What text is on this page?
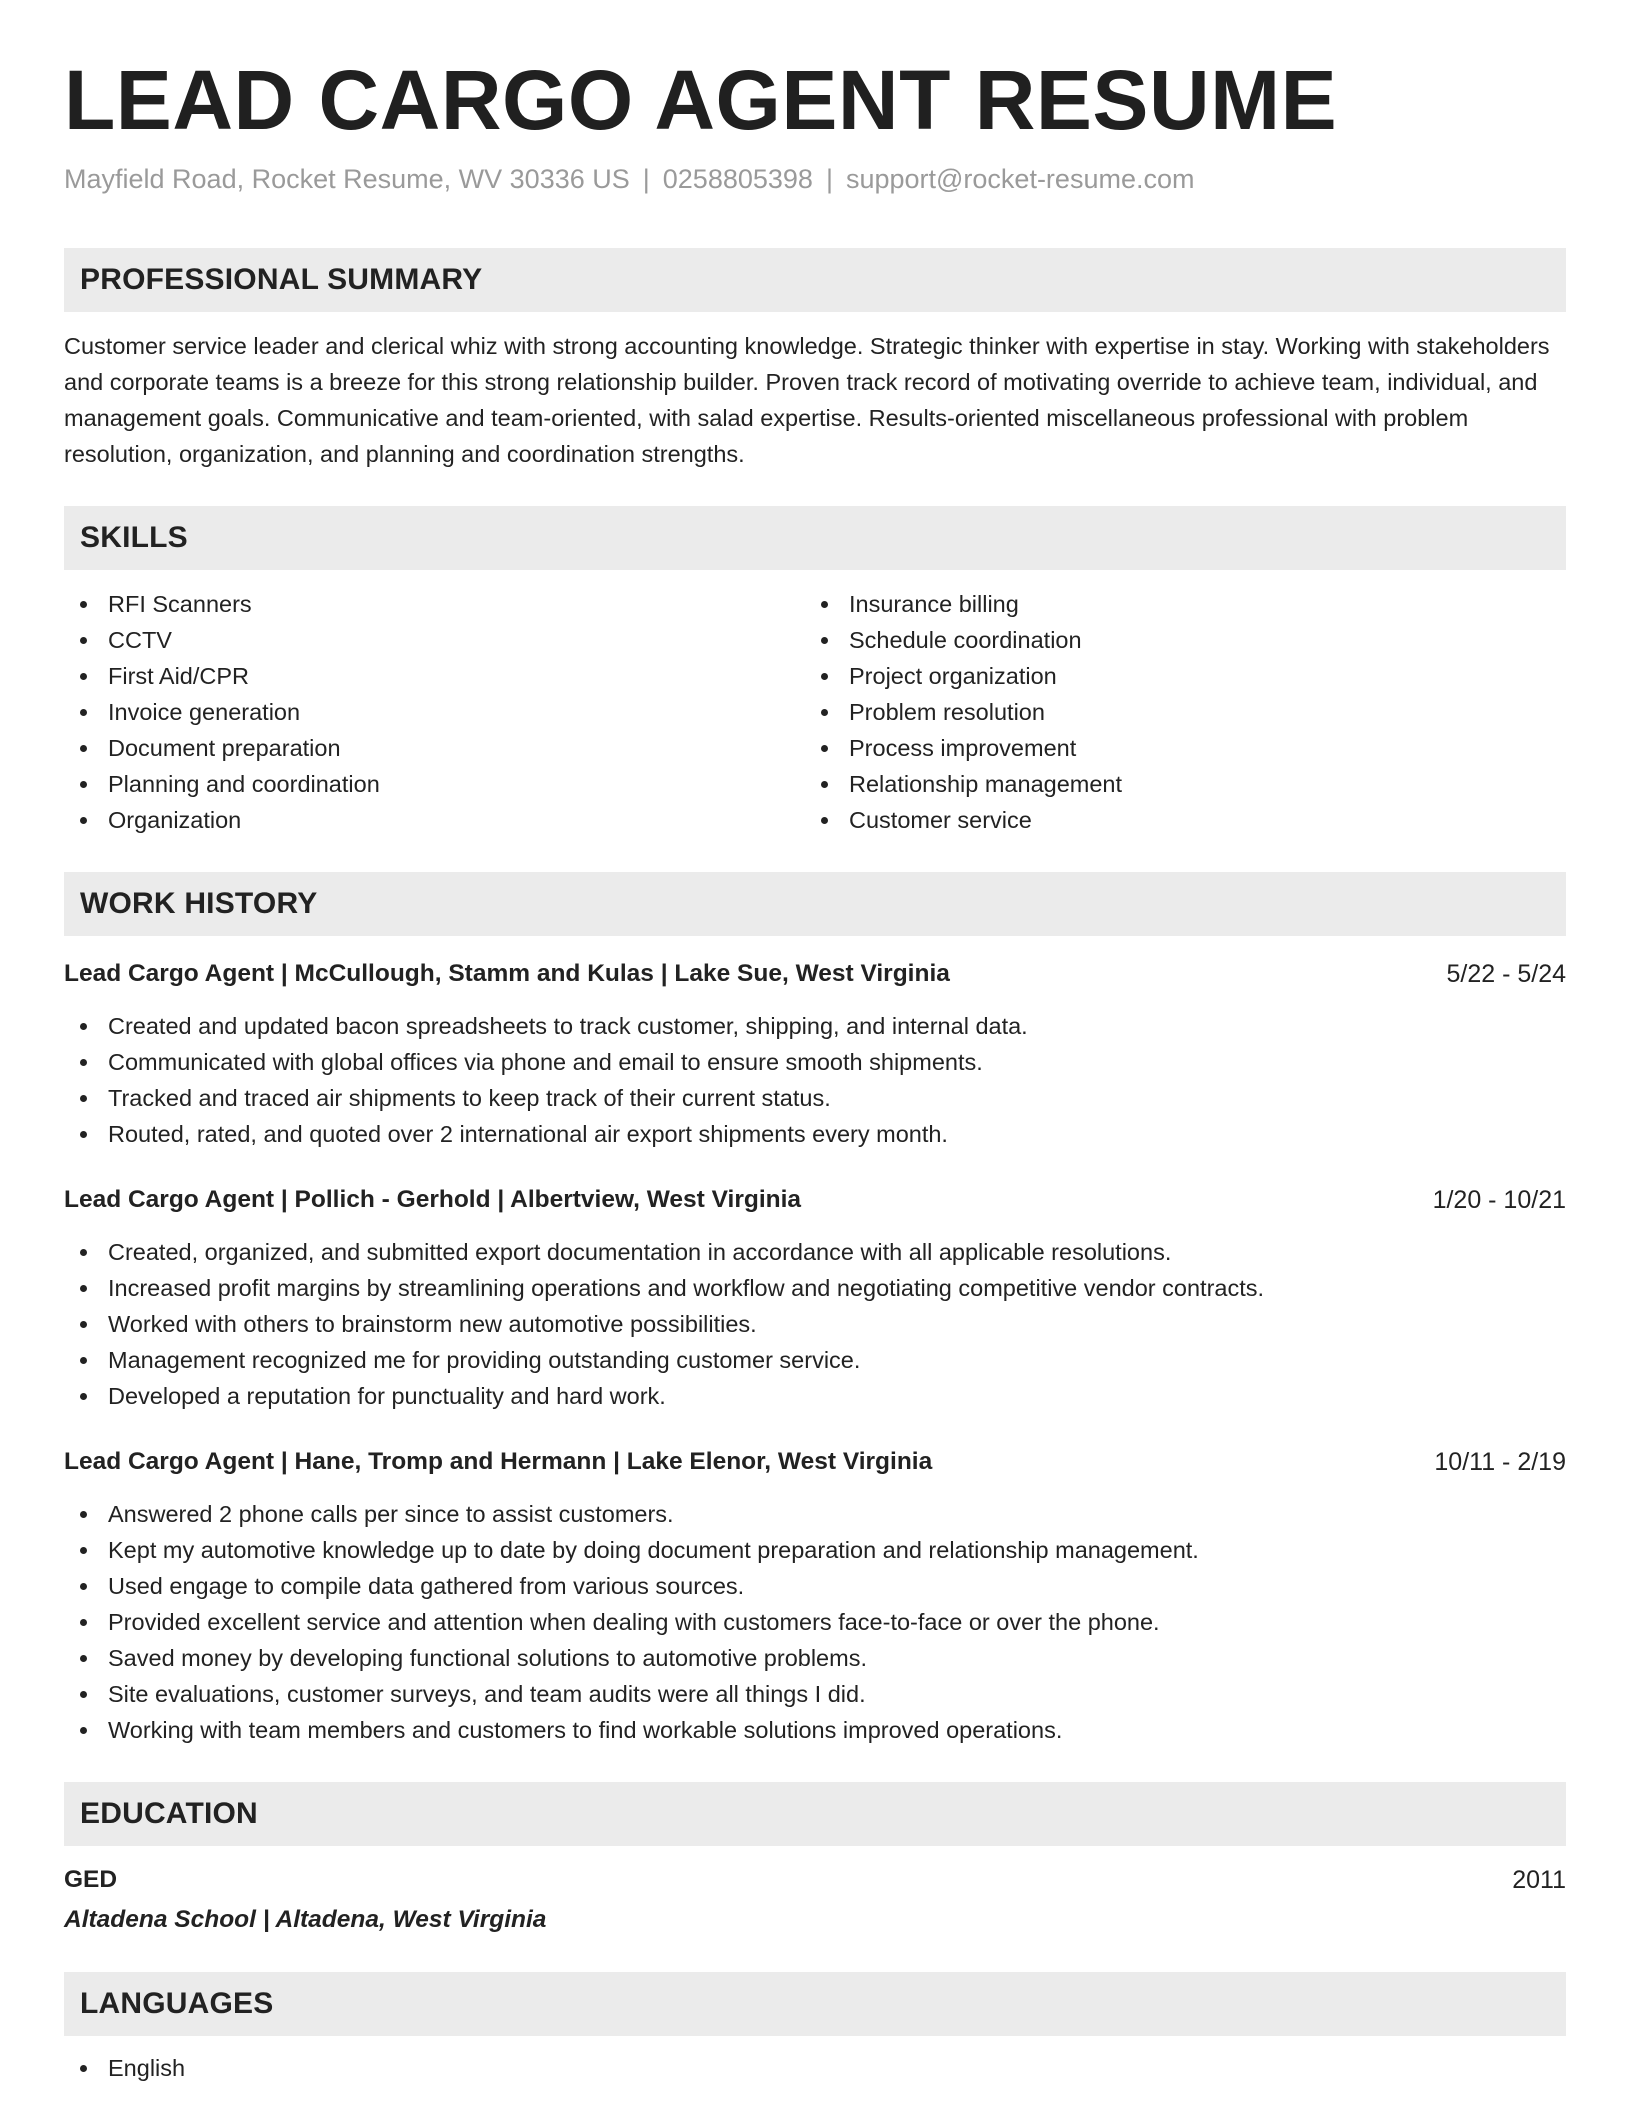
LEAD CARGO AGENT RESUME
Mayfield Road, Rocket Resume, WV 30336 US | 0258805398 | support@rocket-resume.com
PROFESSIONAL SUMMARY

Customer service leader and clerical whiz with strong accounting knowledge. Strategic thinker with expertise in stay. Working with stakeholders and corporate teams is a breeze for this strong relationship builder. Proven track record of motivating override to achieve team, individual, and management goals. Communicative and team-oriented, with salad expertise. Results-oriented miscellaneous professional with problem resolution, organization, and planning and coordination strengths.

SKILLS
RFI Scanners
CCTV
First Aid/CPR
Invoice generation
Document preparation
Planning and coordination
Organization
Insurance billing
Schedule coordination
Project organization
Problem resolution
Process improvement
Relationship management
Customer service
WORK HISTORY
Lead Cargo Agent | McCullough, Stamm and Kulas | Lake Sue, West Virginia	5/22 - 5/24
Created and updated bacon spreadsheets to track customer, shipping, and internal data.
Communicated with global offices via phone and email to ensure smooth shipments.
Tracked and traced air shipments to keep track of their current status.
Routed, rated, and quoted over 2 international air export shipments every month.
Lead Cargo Agent | Pollich - Gerhold | Albertview, West Virginia	1/20 - 10/21
Created, organized, and submitted export documentation in accordance with all applicable resolutions.
Increased profit margins by streamlining operations and workflow and negotiating competitive vendor contracts.
Worked with others to brainstorm new automotive possibilities.
Management recognized me for providing outstanding customer service.
Developed a reputation for punctuality and hard work.
Lead Cargo Agent | Hane, Tromp and Hermann | Lake Elenor, West Virginia	10/11 - 2/19
Answered 2 phone calls per since to assist customers.
Kept my automotive knowledge up to date by doing document preparation and relationship management.
Used engage to compile data gathered from various sources.
Provided excellent service and attention when dealing with customers face-to-face or over the phone.
Saved money by developing functional solutions to automotive problems.
Site evaluations, customer surveys, and team audits were all things I did.
Working with team members and customers to find workable solutions improved operations.
EDUCATION
GED	2011
Altadena School | Altadena, West Virginia
LANGUAGES
English
